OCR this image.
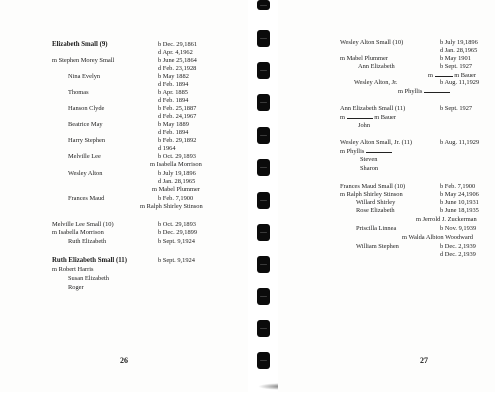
Elizabeth Small (9)	b Dec. 29,1861
d Apr. 4,1962
m Stephen Morey Small	b June 25,1864
d Feb. 23,1928
Nina Evelyn	b May 1882
d Feb. 1894
Thomas	b Apr. 1885
d Feb. 1894
Hanson Clyde	b Feb. 25,1887
d Feb. 24,1967
Beatrice May	b May 1889
d Feb. 1894
Harry Stephen	b Feb. 29,1892
d 1964
Melville Lee	b Oct. 29,1893
m Isabella Morrison
Wesley Alton	b July 19,1896
d Jan. 28,1965
m Mabel Plummer
Frances Maud	b Feb. 7,1900
m Ralph Shirley Stinson
Melville Lee Small (10)	b Oct. 29,1893
m Isabella Morrison	b Dec. 29,1899
Ruth Elizabeth	b Sept. 9,1924
Ruth Elizabeth Small (11)	b Sept. 9,1924
m Robert Harris
Susan Elizabeth
Roger
26
Wesley Alton Small (10)	b July 19,1896
d Jan. 28,1965
m Mabel Plummer	b May 1901
Ann Elizabeth	b Sept. 1927
m	m Bauer
Wesley Alton, Jr.	b Aug. 11,1929
m Phyllis
Ann Elizabeth Small (11)	b Sept. 1927
m	m Bauer
John
Wesley Alton Small, Jr. (11)	b Aug. 11,1929
m Phyllis
Steven
Sharon
Frances Maud Small (10)	b Feb. 7,1900
m Ralph Shirley Stinson	b May 24,1906
Willard Shirley	b June 10,1931
Rose Elizabeth	b June 18,1935
m Jerrold J. Zuckerman
Priscilla Linnea	b Nov. 9,1939
m Walda Albion Woodward
William Stephen	b Dec. 2,1939
d Dec. 2,1939
27
